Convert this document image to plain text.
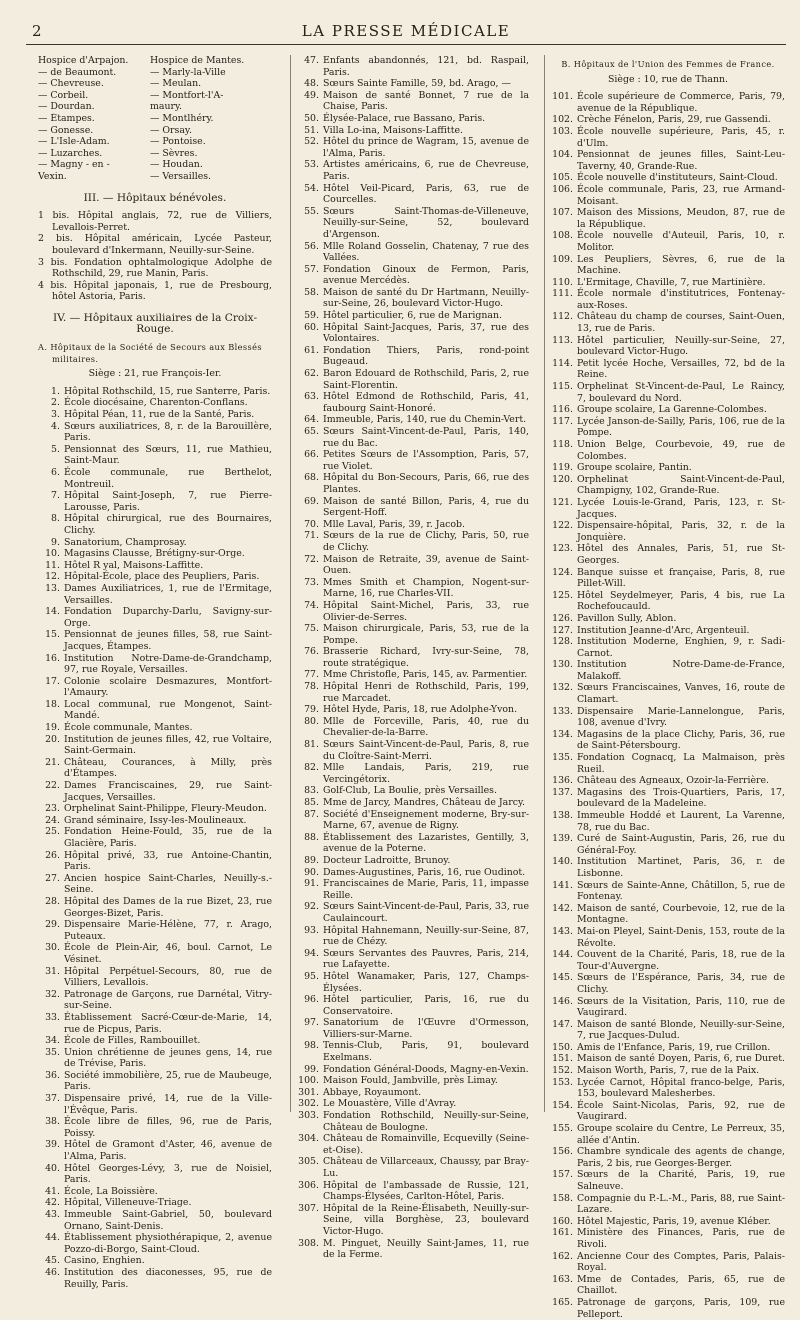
2	LA PRESSE MÉDICALE
Hospice d'Arpajon.
— de Beaumont.
— Chevreuse.
— Corbeil.
— Dourdan.
— Étampes.
— Gonesse.
— L'Isle-Adam.
— Luzarches.
— Magny - en -
Vexin.
Hospice de Mantes.
— Marly-la-Ville
— Meulan.
— Montfort-l'A-
maury.
— Montlhéry.
— Orsay.
— Pontoise.
— Sèvres.
— Houdan.
— Versailles.
III. — Hôpitaux bénévoles.
1 bis. Hôpital anglais, 72, rue de Villiers, Levallois-Perret.
2 bis. Hôpital américain, Lycée Pasteur, boulevard d'Inkermann, Neuilly-sur-Seine.
3 bis. Fondation ophtalmologique Adolphe de Rothschild, 29, rue Manin, Paris.
4 bis. Hôpital japonais, 1, rue de Presbourg, hôtel Astoria, Paris.
IV. — Hôpitaux auxiliaires de la Croix-Rouge.
A. Hôpitaux de la Société de Secours aux Blessés militaires.
Siège : 21, rue François-Ier.
1. Hôpital Rothschild, 15, rue Santerre, Paris.
2. École diocésaine, Charenton-Conflans.
3. Hôpital Péan, 11, rue de la Santé, Paris.
4. Sœurs auxiliatrices, 8, r. de la Barouillère, Paris.
5. Pensionnat des Sœurs, 11, rue Mathieu, Saint-Maur.
6. École communale, rue Berthelot, Montreuil.
7. Hôpital Saint-Joseph, 7, rue Pierre-Larousse, Paris.
8. Hôpital chirurgical, rue des Bournaires, Clichy.
9. Sanatorium, Champrosay.
10. Magasins Clausse, Brétigny-sur-Orge.
11. Hôtel R yal, Maisons-Laffitte.
12. Hôpital-École, place des Peupliers, Paris.
13. Dames Auxiliatrices, 1, rue de l'Ermitage, Versailles.
14. Fondation Duparchy-Darlu, Savigny-sur-Orge.
15. Pensionnat de jeunes filles, 58, rue Saint-Jacques, Étampes.
16. Institution Notre-Dame-de-Grandchamp, 97, rue Royale, Versailles.
17. Colonie scolaire Desmazures, Montfort-l'Amaury.
18. Local communal, rue Mongenot, Saint-Mandé.
19. École communale, Mantes.
20. Institution de jeunes filles, 42, rue Voltaire, Saint-Germain.
21. Château, Courances, à Milly, près d'Étampes.
22. Dames Franciscaines, 29, rue Saint-Jacques, Versailles.
23. Orphelinat Saint-Philippe, Fleury-Meudon.
24. Grand séminaire, Issy-les-Moulineaux.
25. Fondation Heine-Fould, 35, rue de la Glacière, Paris.
26. Hôpital privé, 33, rue Antoine-Chantin, Paris.
27. Ancien hospice Saint-Charles, Neuilly-s.-Seine.
28. Hôpital des Dames de la rue Bizet, 23, rue Georges-Bizet, Paris.
29. Dispensaire Marie-Hélène, 77, r. Arago, Puteaux.
30. École de Plein-Air, 46, boul. Carnot, Le Vésinet.
31. Hôpital Perpétuel-Secours, 80, rue de Villiers, Levallois.
32. Patronage de Garçons, rue Darnétal, Vitry-sur-Seine.
33. Établissement Sacré-Cœur-de-Marie, 14, rue de Picpus, Paris.
34. École de Filles, Rambouillet.
35. Union chrétienne de jeunes gens, 14, rue de Trévise, Paris.
36. Société immobilière, 25, rue de Maubeuge, Paris.
37. Dispensaire privé, 14, rue de la Ville-l'Évêque, Paris.
38. École libre de filles, 96, rue de Paris, Poissy.
39. Hôtel de Gramont d'Aster, 46, avenue de l'Alma, Paris.
40. Hôtel Georges-Lévy, 3, rue de Noisiel, Paris.
41. École, La Boissière.
42. Hôpital, Villeneuve-Triage.
43. Immeuble Saint-Gabriel, 50, boulevard Ornano, Saint-Denis.
44. Établissement physiothérapique, 2, avenue Pozzo-di-Borgo, Saint-Cloud.
45. Casino, Enghien.
46. Institution des diaconesses, 95, rue de Reuilly, Paris.
47. Enfants abandonnés, 121, bd. Raspail, Paris.
48. Sœurs Sainte Famille, 59, bd. Arago, —
49. Maison de santé Bonnet, 7 rue de la Chaise, Paris.
50. Élysée-Palace, rue Bassano, Paris.
51. Villa Lo-ina, Maisons-Laffitte.
52. Hôtel du prince de Wagram, 15, avenue de l'Alma, Paris.
53. Artistes américains, 6, rue de Chevreuse, Paris.
54. Hôtel Veil-Picard, Paris, 63, rue de Courcelles.
55. Sœurs Saint-Thomas-de-Villeneuve, Neuilly-sur-Seine, 52, boulevard d'Argenson.
56. Mlle Roland Gosselin, Chatenay, 7 rue des Vallées.
57. Fondation Ginoux de Fermon, Paris, avenue Mercédès.
58. Maison de santé du Dr Hartmann, Neuilly-sur-Seine, 26, boulevard Victor-Hugo.
59. Hôtel particulier, 6, rue de Marignan.
60. Hôpital Saint-Jacques, Paris, 37, rue des Volontaires.
61. Fondation Thiers, Paris, rond-point Bugeaud.
62. Baron Edouard de Rothschild, Paris, 2, rue Saint-Florentin.
63. Hôtel Edmond de Rothschild, Paris, 41, faubourg Saint-Honoré.
64. Immeuble, Paris, 140, rue du Chemin-Vert.
65. Sœurs Saint-Vincent-de-Paul, Paris, 140, rue du Bac.
66. Petites Sœurs de l'Assomption, Paris, 57, rue Violet.
68. Hôpital du Bon-Secours, Paris, 66, rue des Plantes.
69. Maison de santé Billon, Paris, 4, rue du Sergent-Hoff.
70. Mlle Laval, Paris, 39, r. Jacob.
71. Sœurs de la rue de Clichy, Paris, 50, rue de Clichy.
72. Maison de Retraite, 39, avenue de Saint-Ouen.
73. Mmes Smith et Champion, Nogent-sur-Marne, 16, rue Charles-VII.
74. Hôpital Saint-Michel, Paris, 33, rue Olivier-de-Serres.
75. Maison chirurgicale, Paris, 53, rue de la Pompe.
76. Brasserie Richard, Ivry-sur-Seine, 78, route stratégique.
77. Mme Christofle, Paris, 145, av. Parmentier.
78. Hôpital Henri de Rothschild, Paris, 199, rue Marcadet.
79. Hôtel Hyde, Paris, 18, rue Adolphe-Yvon.
80. Mlle de Forceville, Paris, 40, rue du Chevalier-de-la-Barre.
81. Sœurs Saint-Vincent-de-Paul, Paris, 8, rue du Cloître-Saint-Merri.
82. Mlle Landais, Paris, 219, rue Vercingétorix.
83. Golf-Club, La Boulie, près Versailles.
85. Mme de Jarcy, Mandres, Château de Jarcy.
87. Société d'Enseignement moderne, Bry-sur-Marne, 67, avenue de Rigny.
88. Établissement des Lazaristes, Gentilly, 3, avenue de la Poterne.
89. Docteur Ladroitte, Brunoy.
90. Dames-Augustines, Paris, 16, rue Oudinot.
91. Franciscaines de Marie, Paris, 11, impasse Reille.
92. Sœurs Saint-Vincent-de-Paul, Paris, 33, rue Caulaincourt.
93. Hôpital Hahnemann, Neuilly-sur-Seine, 87, rue de Chézy.
94. Sœurs Servantes des Pauvres, Paris, 214, rue Lafayette.
95. Hôtel Wanamaker, Paris, 127, Champs-Élysées.
96. Hôtel particulier, Paris, 16, rue du Conservatoire.
97. Sanatorium de l'Œuvre d'Ormesson, Villiers-sur-Marne.
98. Tennis-Club, Paris, 91, boulevard Exelmans.
99. Fondation Général-Doods, Magny-en-Vexin.
100. Maison Fould, Jambville, près Limay.
301. Abbaye, Royaumont.
302. Le Mouastère, Ville d'Avray.
303. Fondation Rothschild, Neuilly-sur-Seine, Château de Boulogne.
304. Château de Romainville, Ecquevilly (Seine-et-Oise).
305. Château de Villarceaux, Chaussy, par Bray-Lu.
306. Hôpital de l'ambassade de Russie, 121, Champs-Élysées, Carlton-Hôtel, Paris.
307. Hôpital de la Reine-Élisabeth, Neuilly-sur-Seine, villa Borghèse, 23, boulevard Victor-Hugo.
308. M. Pinguet, Neuilly Saint-James, 11, rue de la Ferme.
B. Hôpitaux de l'Union des Femmes de France.
Siège : 10, rue de Thann.
101. École supérieure de Commerce, Paris, 79, avenue de la République.
102. Crèche Fénelon, Paris, 29, rue Gassendi.
103. École nouvelle supérieure, Paris, 45, r. d'Ulm.
104. Pensionnat de jeunes filles, Saint-Leu-Taverny, 40, Grande-Rue.
105. École nouvelle d'instituteurs, Saint-Cloud.
106. École communale, Paris, 23, rue Armand-Moisant.
107. Maison des Missions, Meudon, 87, rue de la République.
108. École nouvelle d'Auteuil, Paris, 10, r. Molitor.
109. Les Peupliers, Sèvres, 6, rue de la Machine.
110. L'Ermitage, Chaville, 7, rue Martinière.
111. École normale d'institutrices, Fontenay-aux-Roses.
112. Château du champ de courses, Saint-Ouen, 13, rue de Paris.
113. Hôtel particulier, Neuilly-sur-Seine, 27, boulevard Victor-Hugo.
114. Petit lycée Hoche, Versailles, 72, bd de la Reine.
115. Orphelinat St-Vincent-de-Paul, Le Raincy, 7, boulevard du Nord.
116. Groupe scolaire, La Garenne-Colombes.
117. Lycée Janson-de-Sailly, Paris, 106, rue de la Pompe.
118. Union Belge, Courbevoie, 49, rue de Colombes.
119. Groupe scolaire, Pantin.
120. Orphelinat Saint-Vincent-de-Paul, Champigny, 102, Grande-Rue.
121. Lycée Louis-le-Grand, Paris, 123, r. St-Jacques.
122. Dispensaire-hôpital, Paris, 32, r. de la Jonquière.
123. Hôtel des Annales, Paris, 51, rue St-Georges.
124. Banque suisse et française, Paris, 8, rue Pillet-Will.
125. Hôtel Seydelmeyer, Paris, 4 bis, rue La Rochefoucauld.
126. Pavillon Sully, Ablon.
127. Institution Jeanne-d'Arc, Argenteuil.
128. Institution Moderne, Enghien, 9, r. Sadi-Carnot.
130. Institution Notre-Dame-de-France, Malakoff.
132. Sœurs Franciscaines, Vanves, 16, route de Clamart.
133. Dispensaire Marie-Lannelongue, Paris, 108, avenue d'Ivry.
134. Magasins de la place Clichy, Paris, 36, rue de Saint-Pétersbourg.
135. Fondation Cognacq, La Malmaison, près Rueil.
136. Château des Agneaux, Ozoir-la-Ferrière.
137. Magasins des Trois-Quartiers, Paris, 17, boulevard de la Madeleine.
138. Immeuble Hoddé et Laurent, La Varenne, 78, rue du Bac.
139. Curé de Saint-Augustin, Paris, 26, rue du Général-Foy.
140. Institution Martinet, Paris, 36, r. de Lisbonne.
141. Sœurs de Sainte-Anne, Châtillon, 5, rue de Fontenay.
142. Maison de santé, Courbevoie, 12, rue de la Montagne.
143. Mai-on Pleyel, Saint-Denis, 153, route de la Révolte.
144. Couvent de la Charité, Paris, 18, rue de la Tour-d'Auvergne.
145. Sœurs de l'Espérance, Paris, 34, rue de Clichy.
146. Sœurs de la Visitation, Paris, 110, rue de Vaugirard.
147. Maison de santé Blonde, Neuilly-sur-Seine, 7, rue Jacques-Dulud.
150. Amis de l'Enfance, Paris, 19, rue Crillon.
151. Maison de santé Doyen, Paris, 6, rue Duret.
152. Maison Worth, Paris, 7, rue de la Paix.
153. Lycée Carnot, Hôpital franco-belge, Paris, 153, boulevard Malesherbes.
154. École Saint-Nicolas, Paris, 92, rue de Vaugirard.
155. Groupe scolaire du Centre, Le Perreux, 35, allée d'Antin.
156. Chambre syndicale des agents de change, Paris, 2 bis, rue Georges-Berger.
157. Sœurs de la Charité, Paris, 19, rue Salneuve.
158. Compagnie du P.-L.-M., Paris, 88, rue Saint-Lazare.
160. Hôtel Majestic, Paris, 19, avenue Kléber.
161. Ministère des Finances, Paris, rue de Rivoli.
162. Ancienne Cour des Comptes, Paris, Palais-Royal.
163. Mme de Contades, Paris, 65, rue de Chaillot.
165. Patronage de garçons, Paris, 109, rue Pelleport.
